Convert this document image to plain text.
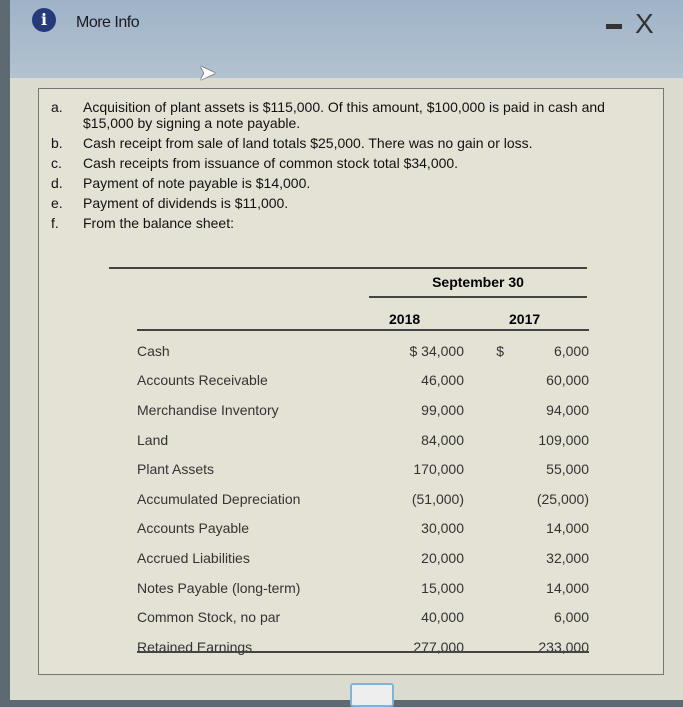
i	More Info	X
➤
a.	Acquisition of plant assets is $115,000. Of this amount, $100,000 is paid in cash and $15,000 by signing a note payable.
b.	Cash receipt from sale of land totals $25,000. There was no gain or loss.
c.	Cash receipts from issuance of common stock total $34,000.
d.	Payment of note payable is $14,000.
e.	Payment of dividends is $11,000.
f.	From the balance sheet:
September 30
2018	2017
Cash	$ 34,000	$	6,000
Accounts Receivable	46,000		60,000
Merchandise Inventory	99,000		94,000
Land	84,000		109,000
Plant Assets	170,000		55,000
Accumulated Depreciation	(51,000)		(25,000)
Accounts Payable	30,000		14,000
Accrued Liabilities	20,000		32,000
Notes Payable (long-term)	15,000		14,000
Common Stock, no par	40,000		6,000
Retained Earnings	277,000		233,000
